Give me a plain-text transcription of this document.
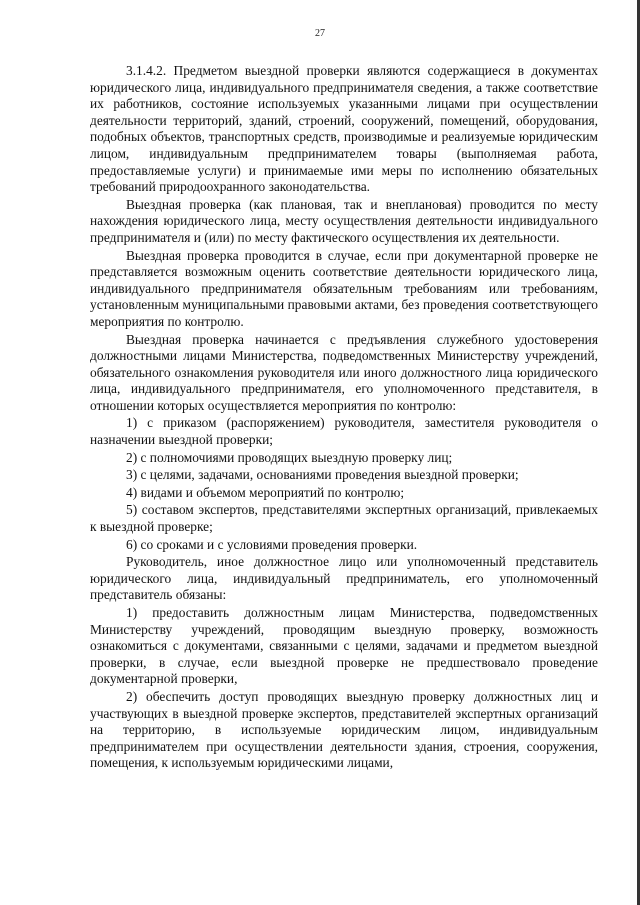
27

3.1.4.2. Предметом выездной проверки являются содержащиеся в документах юридического лица, индивидуального предпринимателя сведения, а также соответствие их работников, состояние используемых указанными лицами при осуществлении деятельности территорий, зданий, строений, сооружений, помещений, оборудования, подобных объектов, транспортных средств, производимые и реализуемые юридическим лицом, индивидуальным предпринимателем товары (выполняемая работа, предоставляемые услуги) и принимаемые ими меры по исполнению обязательных требований природоохранного законодательства.

Выездная проверка (как плановая, так и внеплановая) проводится по месту нахождения юридического лица, месту осуществления деятельности индивидуального предпринимателя и (или) по месту фактического осуществления их деятельности.

Выездная проверка проводится в случае, если при документарной проверке не представляется возможным оценить соответствие деятельности юридического лица, индивидуального предпринимателя обязательным требованиям или требованиям, установленным муниципальными правовыми актами, без проведения соответствующего мероприятия по контролю.

Выездная проверка начинается с предъявления служебного удостоверения должностными лицами Министерства, подведомственных Министерству учреждений, обязательного ознакомления руководителя или иного должностного лица юридического лица, индивидуального предпринимателя, его уполномоченного представителя, в отношении которых осуществляется мероприятия по контролю:

1) с приказом (распоряжением) руководителя, заместителя руководителя о назначении выездной проверки;

2) с полномочиями проводящих выездную проверку лиц;

3) с целями, задачами, основаниями проведения выездной проверки;

4) видами и объемом мероприятий по контролю;

5) составом экспертов, представителями экспертных организаций, привлекаемых к выездной проверке;

6) со сроками и с условиями проведения проверки.

Руководитель, иное должностное лицо или уполномоченный представитель юридического лица, индивидуальный предприниматель, его уполномоченный представитель обязаны:

1) предоставить должностным лицам Министерства, подведомственных Министерству учреждений, проводящим выездную проверку, возможность ознакомиться с документами, связанными с целями, задачами и предметом выездной проверки, в случае, если выездной проверке не предшествовало проведение документарной проверки,

2) обеспечить доступ проводящих выездную проверку должностных лиц и участвующих в выездной проверке экспертов, представителей экспертных организаций на территорию, в используемые юридическим лицом, индивидуальным предпринимателем при осуществлении деятельности здания, строения, сооружения, помещения, к используемым юридическими лицами,
